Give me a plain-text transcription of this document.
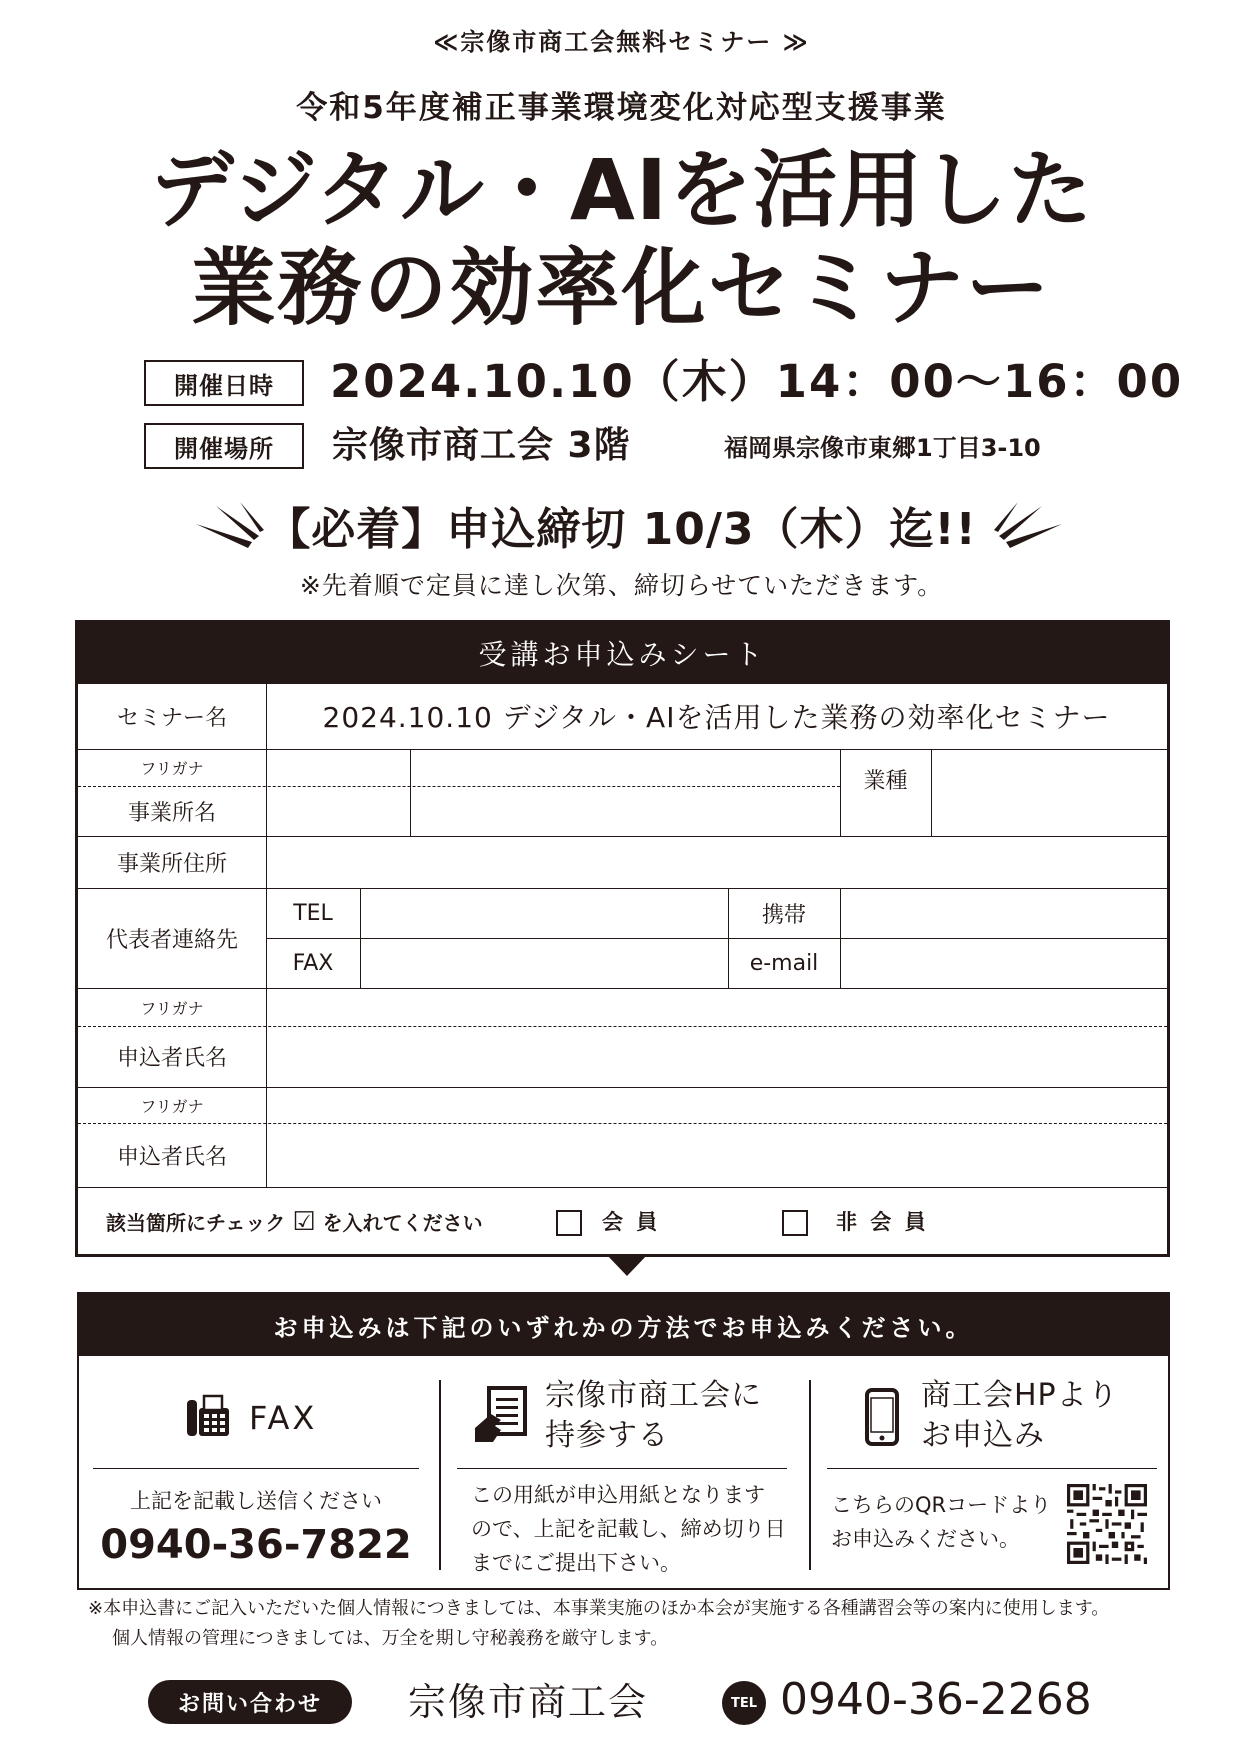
≪宗像市商工会無料セミナー ≫
令和5年度補正事業環境変化対応型支援事業
デジタル・AIを活用した
業務の効率化セミナー
開催日時	2024.10.10（木）14：00～16：00
開催場所	宗像市商工会 3階	福岡県宗像市東郷1丁目3-10
【必着】申込締切 10/3（木）迄!!
※先着順で定員に達し次第、締切らせていただきます。
受講お申込みシート
セミナー名	2024.10.10 デジタル・AIを活用した業務の効率化セミナー
フリガナ
事業所名
業種
事業所住所
代表者連絡先
TEL	携帯
FAX	e-mail
フリガナ
申込者氏名
フリガナ
申込者氏名
該当箇所にチェック ☑ を入れてください	会 員	非 会 員
お申込みは下記のいずれかの方法でお申込みください。
FAX
上記を記載し送信ください
0940-36-7822
宗像市商工会に
持参する
この用紙が申込用紙となります
ので、上記を記載し、締め切り日
までにご提出下さい。
商工会HPより
お申込み
こちらのQRコードより
お申込みください。
※本申込書にご記入いただいた個人情報につきましては、本事業実施のほか本会が実施する各種講習会等の案内に使用します。
個人情報の管理につきましては、万全を期し守秘義務を厳守します。
お問い合わせ	宗像市商工会	TEL 0940-36-2268
